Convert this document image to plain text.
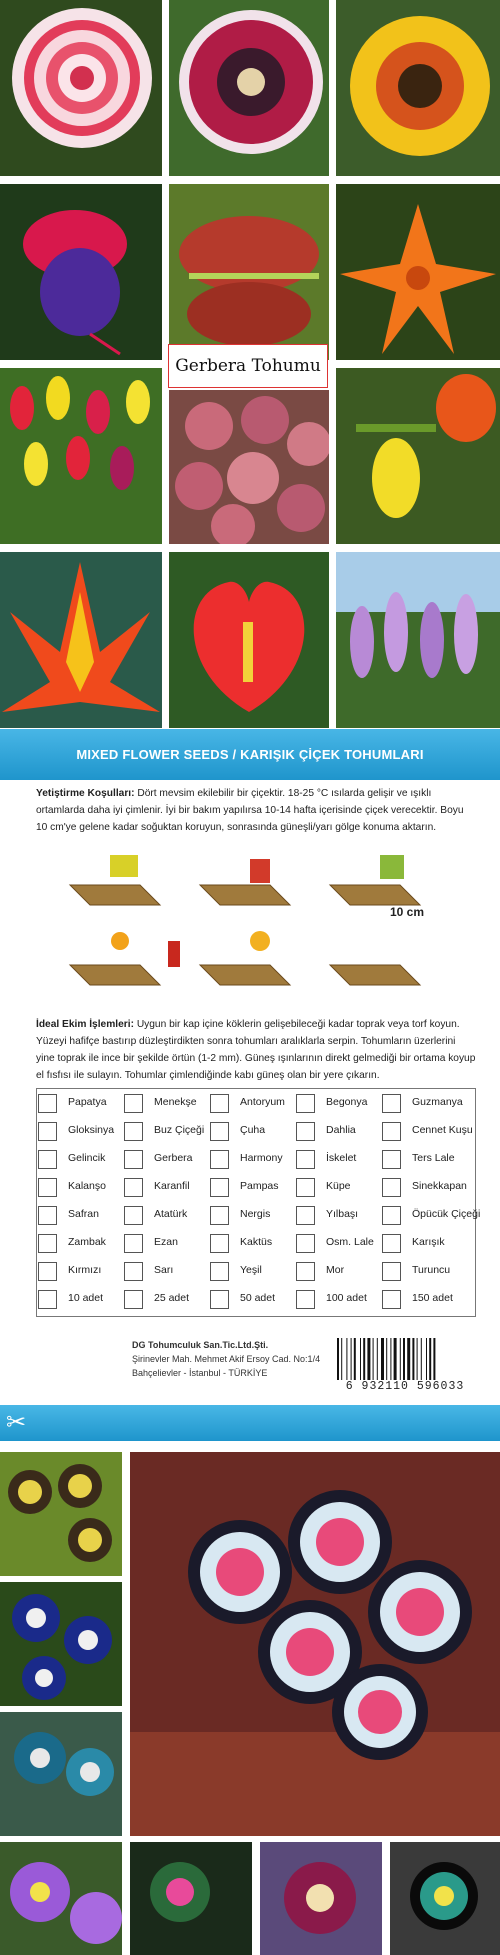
Gerbera Tohumu
MIXED FLOWER SEEDS / KARIŞIK ÇİÇEK TOHUMLARI
Yetiştirme Koşulları: Dört mevsim ekilebilir bir çiçektir. 18-25 °C ısılarda gelişir ve ışıklı ortamlarda daha iyi çimlenir. İyi bir bakım yapılırsa 10-14 hafta içerisinde çiçek verecektir. Boyu 10 cm'ye gelene kadar soğuktan koruyun, sonrasında güneşli/yarı gölge konuma aktarın.
10 cm
İdeal Ekim İşlemleri: Uygun bir kap içine köklerin gelişebileceği kadar toprak veya torf koyun. Yüzeyi hafifçe bastırıp düzleştirdikten sonra tohumları aralıklarla serpin. Tohumların üzerlerini yine toprak ile ince bir şekilde örtün (1-2 mm). Güneş ışınlarının direkt gelmediği bir ortama koyup el fısfısı ile sulayın. Tohumlar çimlendiğinde kabı güneş olan bir yere çıkarın.
Papatya	Menekşe	Antoryum	Begonya	Guzmanya
Gloksinya	Buz Çiçeği	Çuha	Dahlia	Cennet Kuşu
Gelincik	Gerbera	Harmony	İskelet	Ters Lale
Kalanşo	Karanfil	Pampas	Küpe	Sinekkapan
Safran	Atatürk	Nergis	Yılbaşı	Öpücük Çiçeği
Zambak	Ezan	Kaktüs	Osm. Lale	Karışık
Kırmızı	Sarı	Yeşil	Mor	Turuncu
10 adet	25 adet	50 adet	100 adet	150 adet
DG Tohumculuk San.Tic.Ltd.Şti.
Şirinevler Mah. Mehmet Akif Ersoy Cad. No:1/4
Bahçelievler - İstanbul - TÜRKİYE
6 932110 596033
✂
